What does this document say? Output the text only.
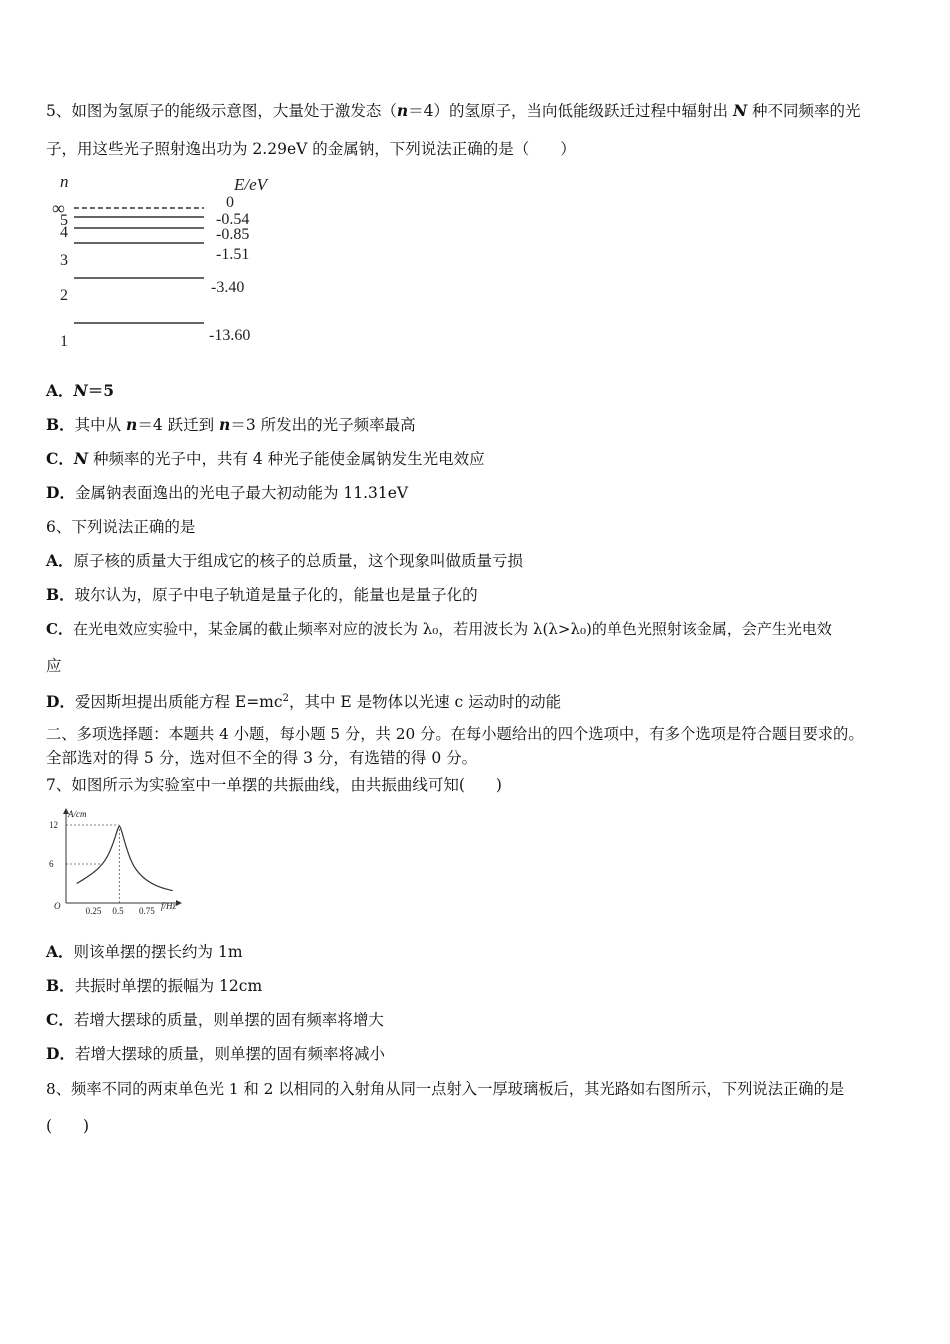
5、如图为氢原子的能级示意图，大量处于激发态（n＝4）的氢原子，当向低能级跃迁过程中辐射出 N 种不同频率的光
子，用这些光子照射逸出功为 2.29eV 的金属钠，下列说法正确的是（　　）
n	E/eV
∞	0
5	-0.54
4	-0.85
3	-1.51
2	-3.40
1	-13.60
A．N＝5
B．其中从 n＝4 跃迁到 n＝3 所发出的光子频率最高
C．N 种频率的光子中，共有 4 种光子能使金属钠发生光电效应
D．金属钠表面逸出的光电子最大初动能为 11.31eV
6、下列说法正确的是
A．原子核的质量大于组成它的核子的总质量，这个现象叫做质量亏损
B．玻尔认为，原子中电子轨道是量子化的，能量也是量子化的
C．在光电效应实验中，某金属的截止频率对应的波长为 λ₀，若用波长为 λ(λ>λ₀)的单色光照射该金属，会产生光电效
应
D．爱因斯坦提出质能方程 $E=mc^2$，其中 E 是物体以光速 c 运动时的动能
二、多项选择题：本题共 4 小题，每小题 5 分，共 20 分。在每小题给出的四个选项中，有多个选项是符合题目要求的。
全部选对的得 5 分，选对但不全的得 3 分，有选错的得 0 分。
7、如图所示为实验室中一单摆的共振曲线，由共振曲线可知(　　)
A/cm
f/Hz
O
6
12
0.25 0.5 0.75
A．则该单摆的摆长约为 1m
B．共振时单摆的振幅为 12cm
C．若增大摆球的质量，则单摆的固有频率将增大
D．若增大摆球的质量，则单摆的固有频率将减小
8、频率不同的两束单色光 1 和 2 以相同的入射角从同一点射入一厚玻璃板后，其光路如右图所示，下列说法正确的是
(　　)
